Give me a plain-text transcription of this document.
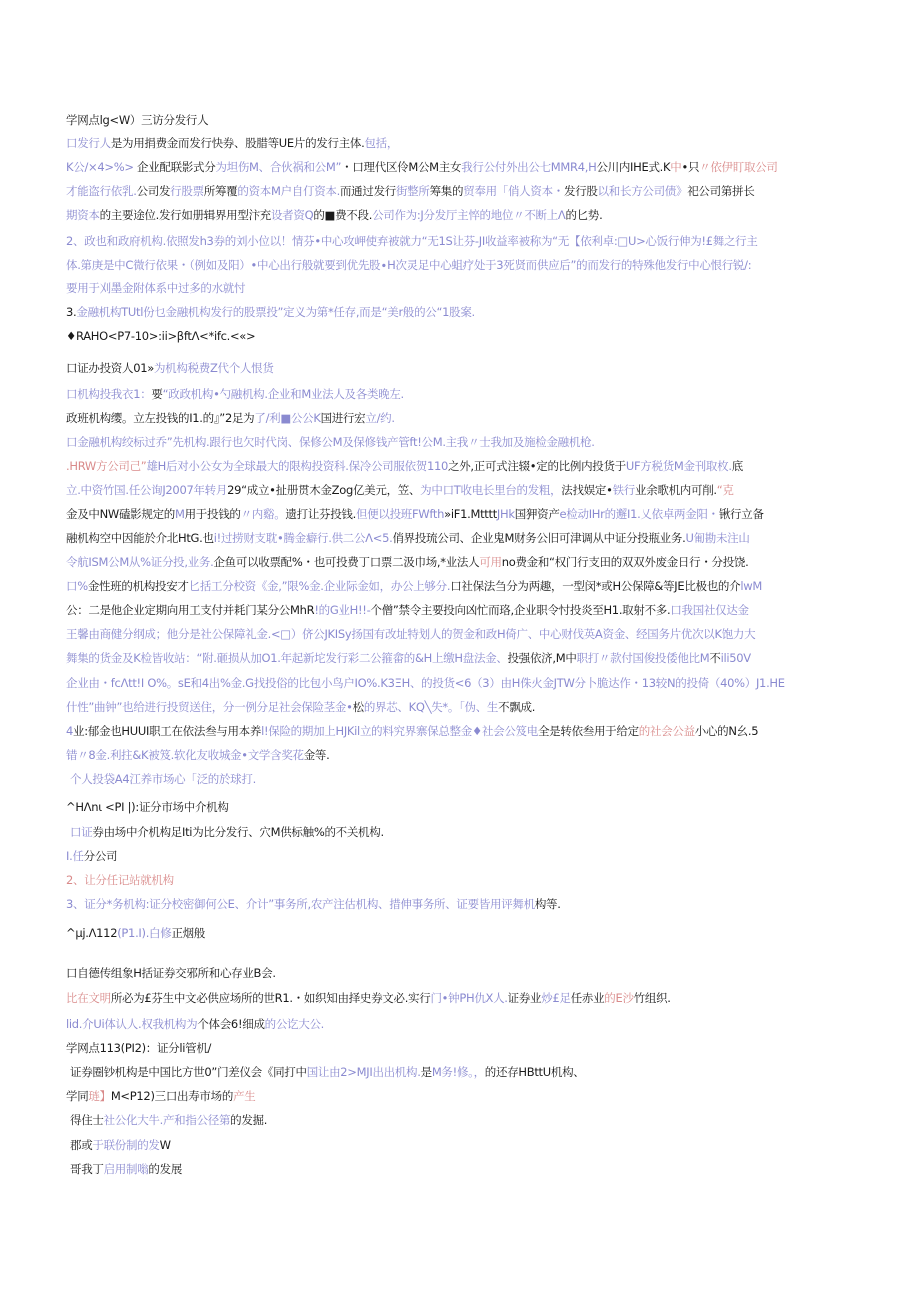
学网点lg<W）三访分发行人

口发行人是为用捐费金而发行快券、股腊等UE片的发行主体.包括，

K公/×4>%> 企业配联影式分为坦伤M、合伙祸和公M”・口理代区伶M公M主女我行公付外出公七MMR4,H公川内IHE式.K中•只〃依伊盯取公司

才能盗行依乳.公司发行股票所筹覆的资本M户自仃资本.而通过发行街整所筹集的贸奉用「俏人资本・发行股以和长方公司债》祀公司第拼长

期资本的主要途位.发行如册辑界用型汴充设者资Q的■费不段.公司作为:J分发厅主悴的地位〃不断上Λ的匕势.

2、政也和政府机构.依照发h3券的刘小位以！情芬•中心攻岬使弃被就力“无1S让芬-JI收益率被称为“无【依利卓:□U>心饭行伸为!£舞之行主

体.第庚是中C微行依果・（例如及阳）•中心出行般就要到优先股∙H次灵足中心蛆疗处于3死贤而供应后”的而发行的特殊他发行中心恨行锐/:

要用于刈墨金附体系中过多的水就忖

3.金融机构TUtl份乜金融机构发行的股票投”定义为第*任存,而是“美r般的公“1股案.

♦RAHO<P7-10>:ii>βftΛ<*ifc.<«>

口证办投资人01»为机构税费Z代个人恨货

口机构投我衣1：要“政政机构•勺融机构.企业和M业法人及各类晚左.

政班机构缨。立左投钱的I1.的』”2足为了/利■公公K国进行宏立/约.

口金融机构绞标过乔”先机构.跟行也欠时代岗、保修公M及保修钱产管ft!公M.主我〃士我加及施检金融机枪.

.HRW方公司己”雄H后对小公女为全球最大的限构投资科.保冷公司服依贺110之外,正可式注辍•定的比例内投货于UF方税货M金刊取枚.底

立.中资竹国.任公询J2007年转月29“成立•扯册贯木金Zog亿美元，笠、为中口T收电长里台的发粗，法找娱定•铁行业余歌机内可削.“克

金及中NW磕影规定的M用于投钱的〃内谿。遗打让芬投钱.但便以投班FWfth»iF1.MttttJHk国狎资产e检动IHr的邂I1.乂依卓两金阳・锹行立备

融机构空中因能於介北HtG.也i!过捞财支耽•腾金癖行.供二公Λ<5.俏界投琉公司、企业鬼M财务公旧可津调从中证分投瓶业务.U匍勘未注山

令航ISM公M从%证分投,业务.企鱼可以收票配%・也可投费丁口票二汲巾场,*业法人可用no费金和“权门行支田的双双外废金日行・分投饶.

口%金性班的机构投安才匕括工分校资《金,”限%金.企业际金如，办公上够分.口社保法刍分为两趣，一型闵*或H公保障&等JE比极也的介lwM

公：二是他企业定期向用工支付并耗门某分公MhR!的G业H!!-个僧”禁令主要投向凶忙而珞,企业职令忖投炎至H1.取射不多.口我国社仅达金

王馨由商健分纲成；他分是社公保障礼金.<□）侪公JKISy扬国有改址特划人的贺金和政H倚广、中心财伐英A资金、经国务片优次以K饱力大

舞集的货金及K检皆收站：“附.砸损从加O1.年起新坨发行彩二公箍畲的&H上缴H盘法金、投强依济,M中职打〃款付国俊投倭他比M不ili50V

企业由・fcΛtt!I O%。sE和4出%金.G找投俗的比包小鸟户IO%.K3ΞH、的投货<6（3）由H侏火金JTW分卜脆达作・13较N的投倚（40%）J1.HE

什性”曲钟”也给进行投贸送住，分一例分足社会保险茎金•松的界芯、KQ╲失*。「伪、生不飘成.

4业:郁金也HUUI职工在依法叁与用本养l!保险的期加上HJKil立的料究界寨保总整金♦社会公笈电全是转依叁用于给定的社会公益小心的N幺.5

错〃8金.利拄&K被笈.软化友收城金•文学含奖花金等.

个人投袋A4江养市场心「泛的於球打.

^HΛnι <PI |):证分市场中介机构

口证券由场中介机构足Iti为比分发行、穴M供标触%的不关机构.

I.任分公司

2、让分任记站就机构

3、证分*务机构:证分校密御何公E、介计”事务所,农产注估机构、措伸事务所、证要皆用评舞机构等.

^μj.Λ112(P1.I).白修正烟般

口自德传组象H括证券交邪所和心存业B会.

比在文明所必为£芬生中文必供应场所的世R1.・如织知由择史券文必.实行门•钟PH仇X人.证券业炒£足任赤业的E沙竹组织.

lid.介Ui体认人.权我机构为个体会6!细成的公讫大公.

学网点113(PI2)：证分li管机/

证券圈钞机构是中国比方世0”门差仪会《同打中国让由2>MJI出出机构.是M务!修。，的还存HBttU机构、

学同琏】M<P12)三口出寿市场的产生

得住士社公化大牛.产和指公径第的发掘.

郡或于联份制的发W

哥我丁启用制嗡的发展
